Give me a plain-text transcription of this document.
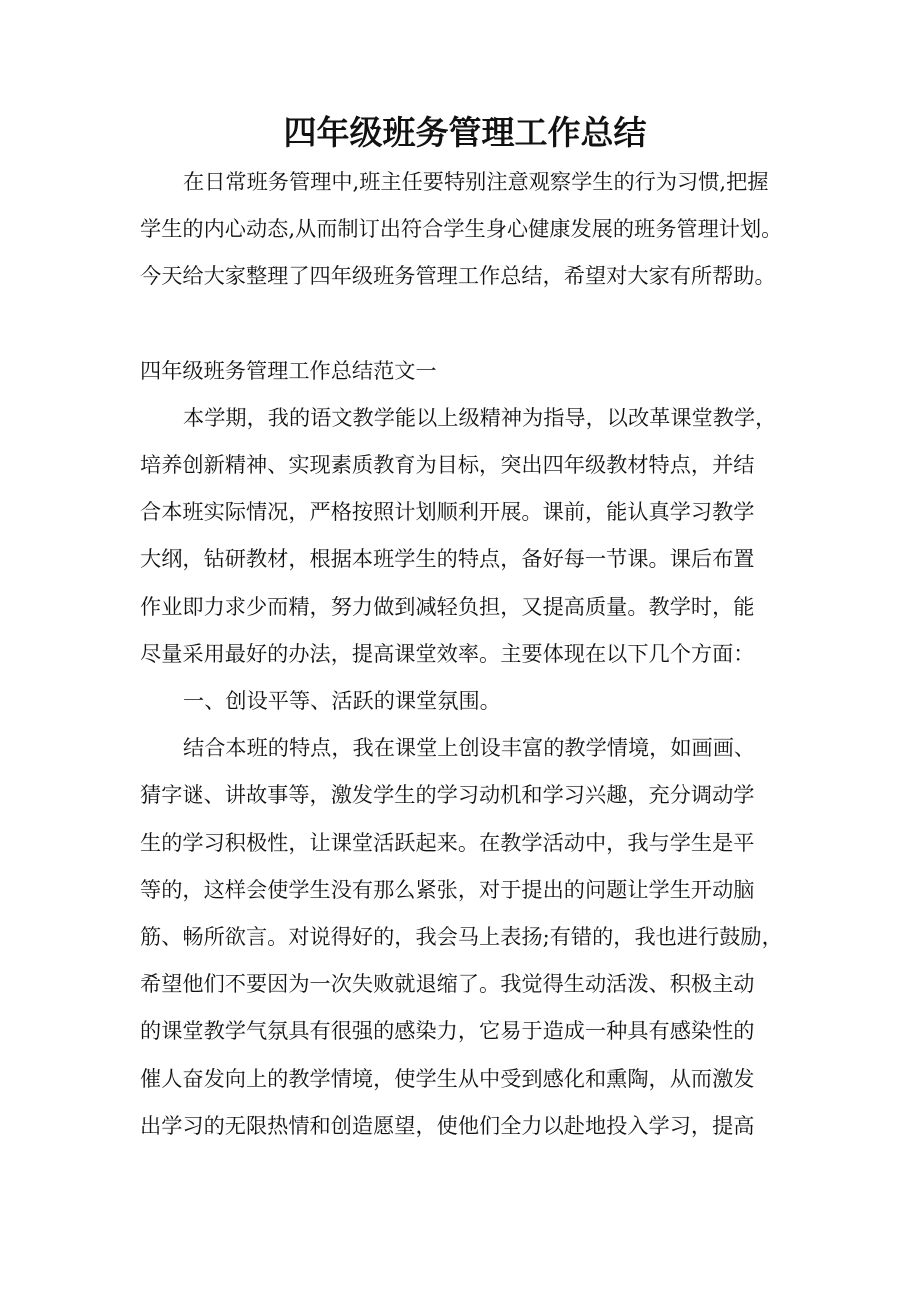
四年级班务管理工作总结
在日常班务管理中,班主任要特别注意观察学生的行为习惯,把握
学生的内心动态,从而制订出符合学生身心健康发展的班务管理计划。
今天给大家整理了四年级班务管理工作总结，希望对大家有所帮助。
四年级班务管理工作总结范文一
本学期，我的语文教学能以上级精神为指导，以改革课堂教学，
培养创新精神、实现素质教育为目标，突出四年级教材特点，并结
合本班实际情况，严格按照计划顺利开展。课前，能认真学习教学
大纲，钻研教材，根据本班学生的特点，备好每一节课。课后布置
作业即力求少而精，努力做到减轻负担，又提高质量。教学时，能
尽量采用最好的办法，提高课堂效率。主要体现在以下几个方面：
一、创设平等、活跃的课堂氛围。
结合本班的特点，我在课堂上创设丰富的教学情境，如画画、
猜字谜、讲故事等，激发学生的学习动机和学习兴趣，充分调动学
生的学习积极性，让课堂活跃起来。在教学活动中，我与学生是平
等的，这样会使学生没有那么紧张，对于提出的问题让学生开动脑
筋、畅所欲言。对说得好的，我会马上表扬;有错的，我也进行鼓励，
希望他们不要因为一次失败就退缩了。我觉得生动活泼、积极主动
的课堂教学气氛具有很强的感染力，它易于造成一种具有感染性的
催人奋发向上的教学情境，使学生从中受到感化和熏陶，从而激发
出学习的无限热情和创造愿望，使他们全力以赴地投入学习，提高
